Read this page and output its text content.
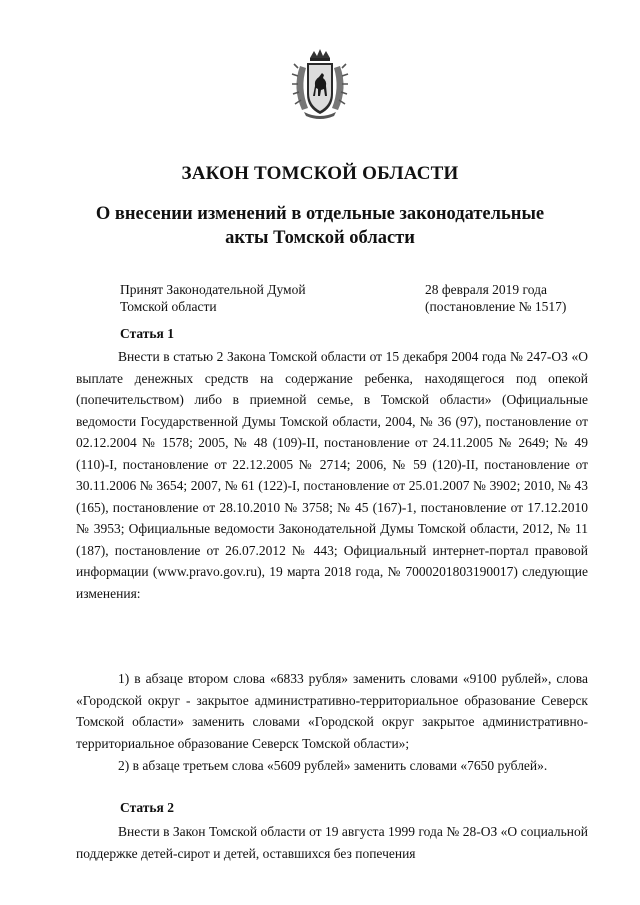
ЗАКОН ТОМСКОЙ ОБЛАСТИ
О внесении изменений в отдельные законодательные
акты Томской области
Принят Законодательной Думой
Томской области
28 февраля 2019 года
(постановление № 1517)
Статья 1
Внести в статью 2 Закона Томской области от 15 декабря 2004 года № 247-ОЗ «О выплате денежных средств на содержание ребенка, находящегося под опекой (попечительством) либо в приемной семье, в Томской области» (Официальные ведомости Государственной Думы Томской области, 2004, № 36 (97), постановление от 02.12.2004 № 1578; 2005, № 48 (109)-II, постановление от 24.11.2005 № 2649; № 49 (110)-I, постановление от 22.12.2005 № 2714; 2006, № 59 (120)-II, постановление от 30.11.2006 № 3654; 2007, № 61 (122)-I, постановление от 25.01.2007 № 3902; 2010, № 43 (165), постановление от 28.10.2010 № 3758; № 45 (167)-1, постановление от 17.12.2010 № 3953; Официальные ведомости Законодательной Думы Томской области, 2012, № 11 (187), постановление от 26.07.2012 № 443; Официальный интернет-портал правовой информации (www.pravo.gov.ru), 19 марта 2018 года, № 7000201803190017) следующие изменения:
1) в абзаце втором слова «6833 рубля» заменить словами «9100 рублей», слова «Городской округ - закрытое административно-территориальное образование Северск Томской области» заменить словами «Городской округ закрытое административно-территориальное образование Северск Томской области»;
2) в абзаце третьем слова «5609 рублей» заменить словами «7650 рублей».
Статья 2
Внести в Закон Томской области от 19 августа 1999 года № 28-ОЗ «О социальной поддержке детей-сирот и детей, оставшихся без попечения
